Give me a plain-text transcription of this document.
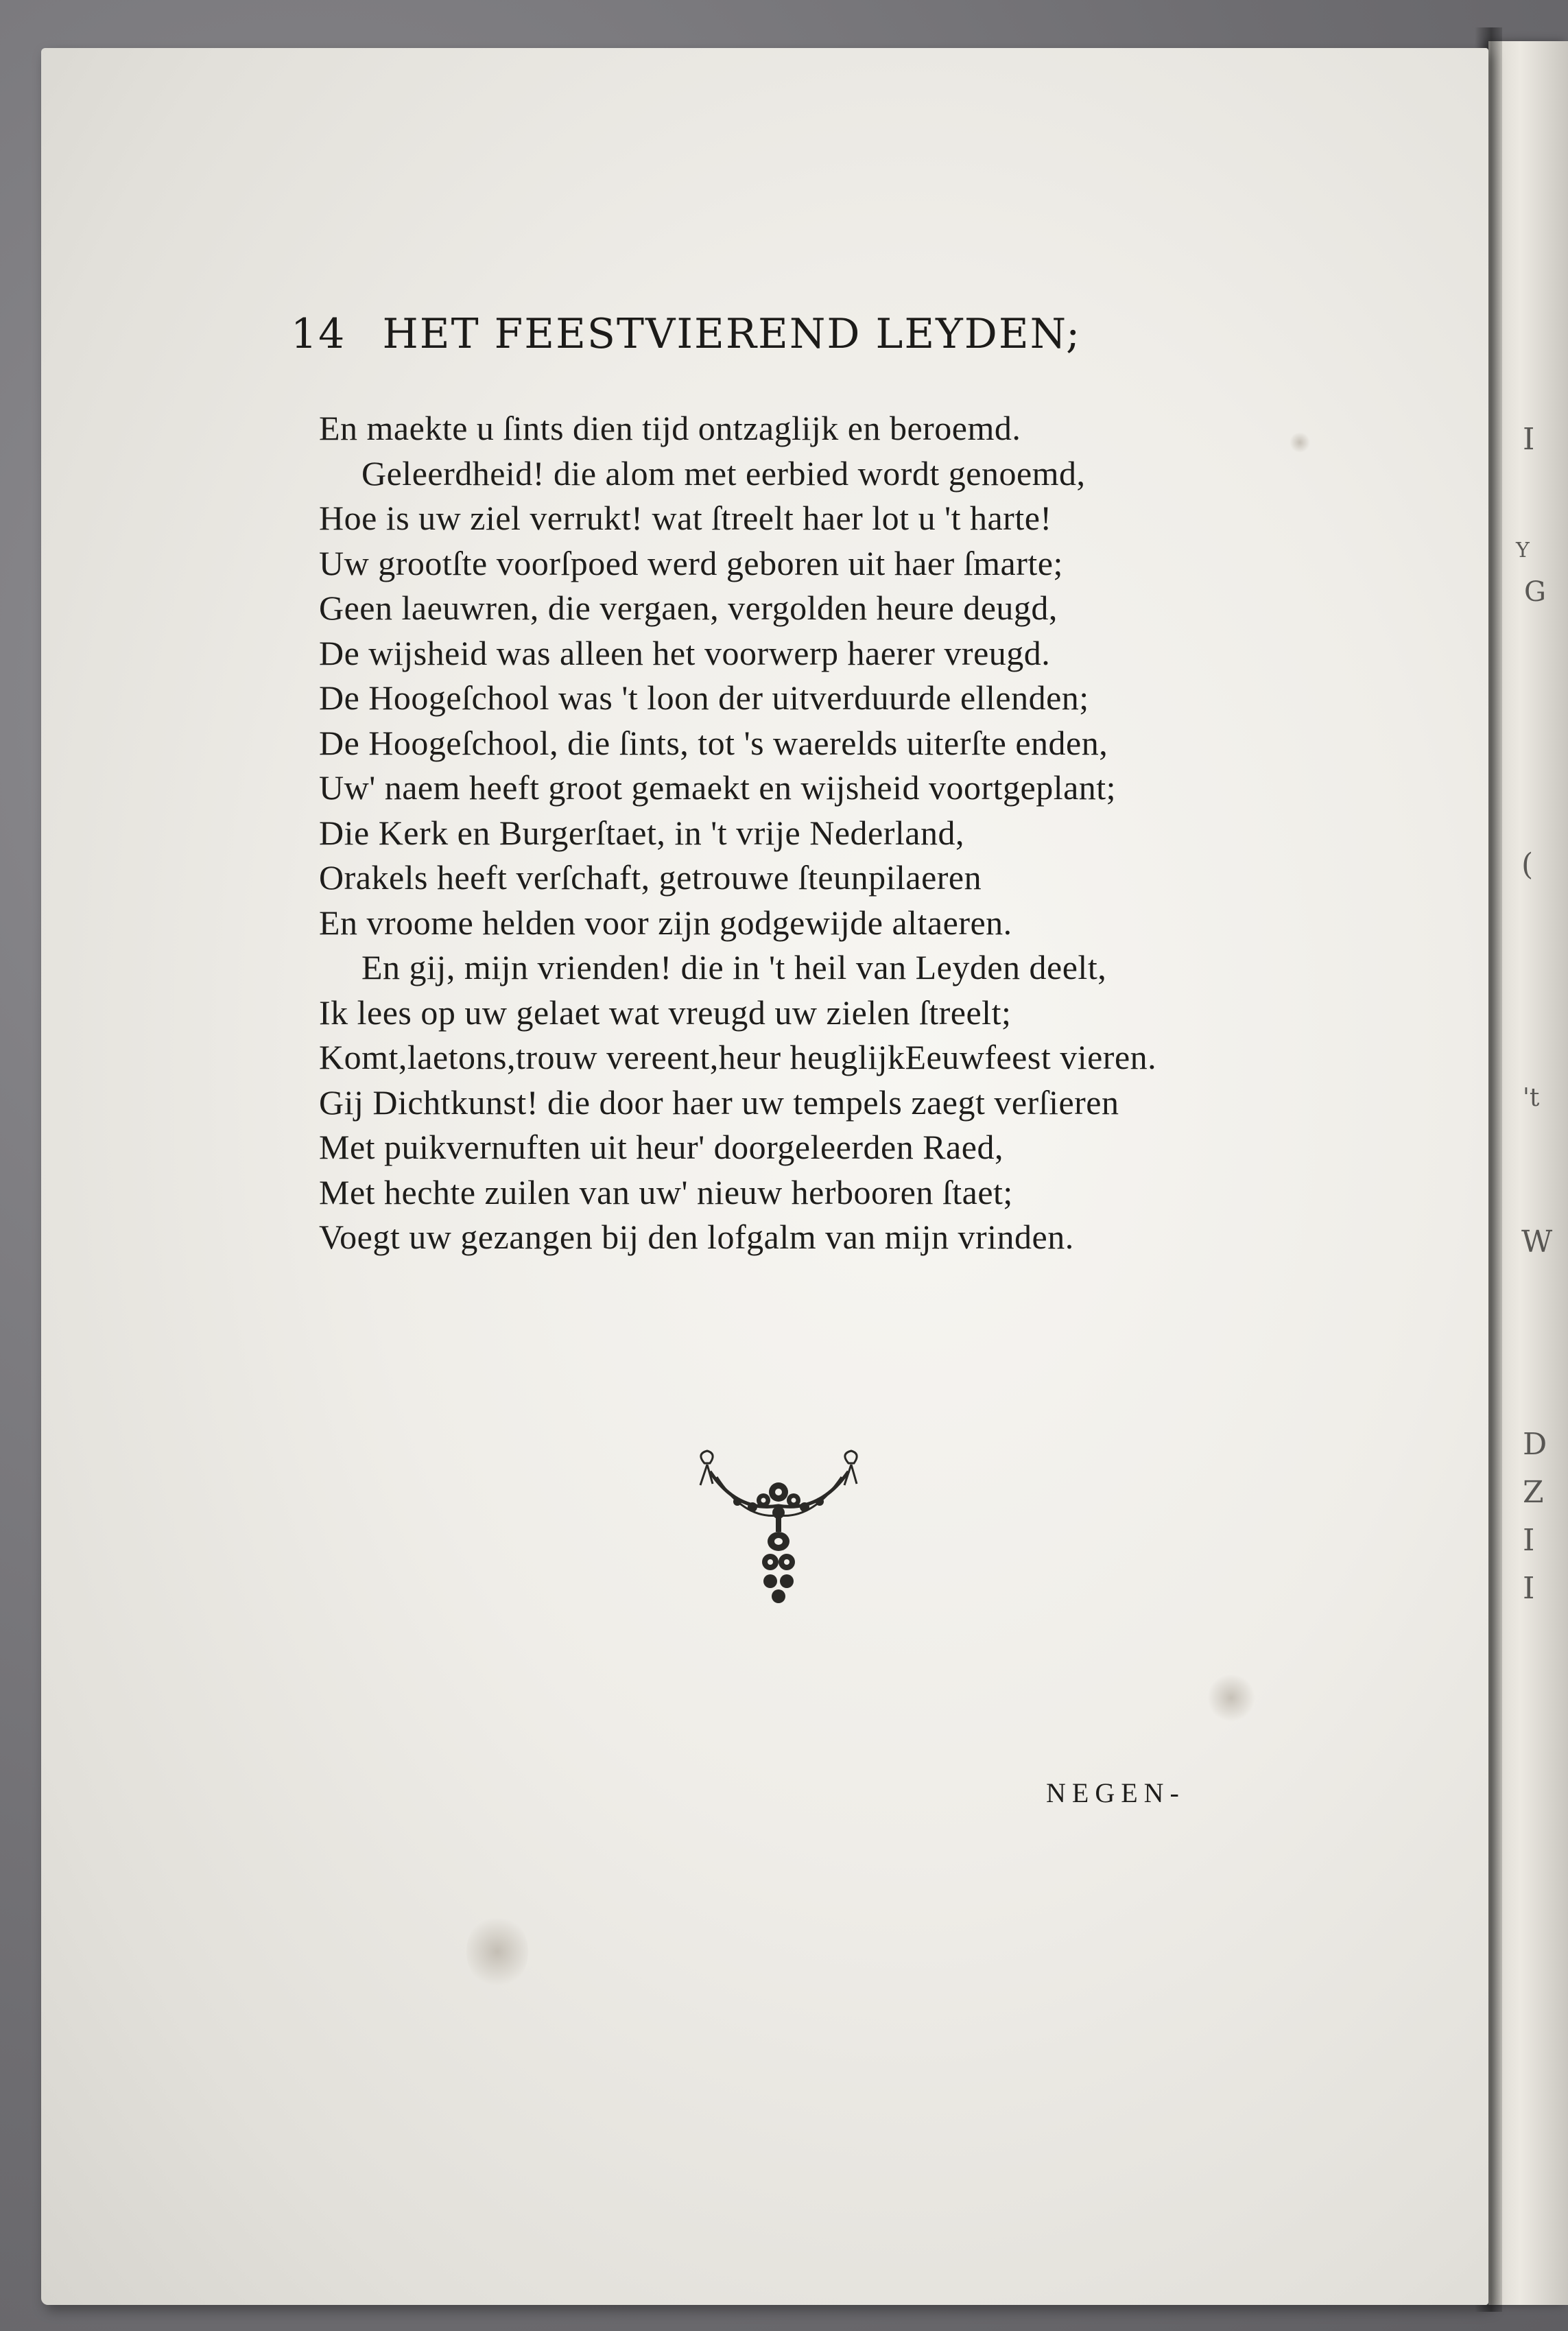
I
Y
G
(
't
W
D
Z
I
I
14 HET FEESTVIEREND LEYDEN;
En maekte u ſints dien tijd ontzaglijk en beroemd.
Geleerdheid! die alom met eerbied wordt genoemd,
Hoe is uw ziel verrukt! wat ſtreelt haer lot u 't harte!
Uw grootſte voorſpoed werd geboren uit haer ſmarte;
Geen laeuwren, die vergaen, vergolden heure deugd,
De wijsheid was alleen het voorwerp haerer vreugd.
De Hoogeſchool was 't loon der uitverduurde ellenden;
De Hoogeſchool, die ſints, tot 's waerelds uiterſte enden,
Uw' naem heeft groot gemaekt en wijsheid voortgeplant;
Die Kerk en Burgerſtaet, in 't vrije Nederland,
Orakels heeft verſchaft, getrouwe ſteunpilaeren
En vroome helden voor zijn godgewijde altaeren.
En gij, mijn vrienden! die in 't heil van Leyden deelt,
Ik lees op uw gelaet wat vreugd uw zielen ſtreelt;
Komt,laetons,trouw vereent,heur heuglijkEeuwfeest vieren.
Gij Dichtkunst! die door haer uw tempels zaegt verſieren
Met puikvernuften uit heur' doorgeleerden Raed,
Met hechte zuilen van uw' nieuw herbooren ſtaet;
Voegt uw gezangen bij den lofgalm van mijn vrinden.
NEGEN-
